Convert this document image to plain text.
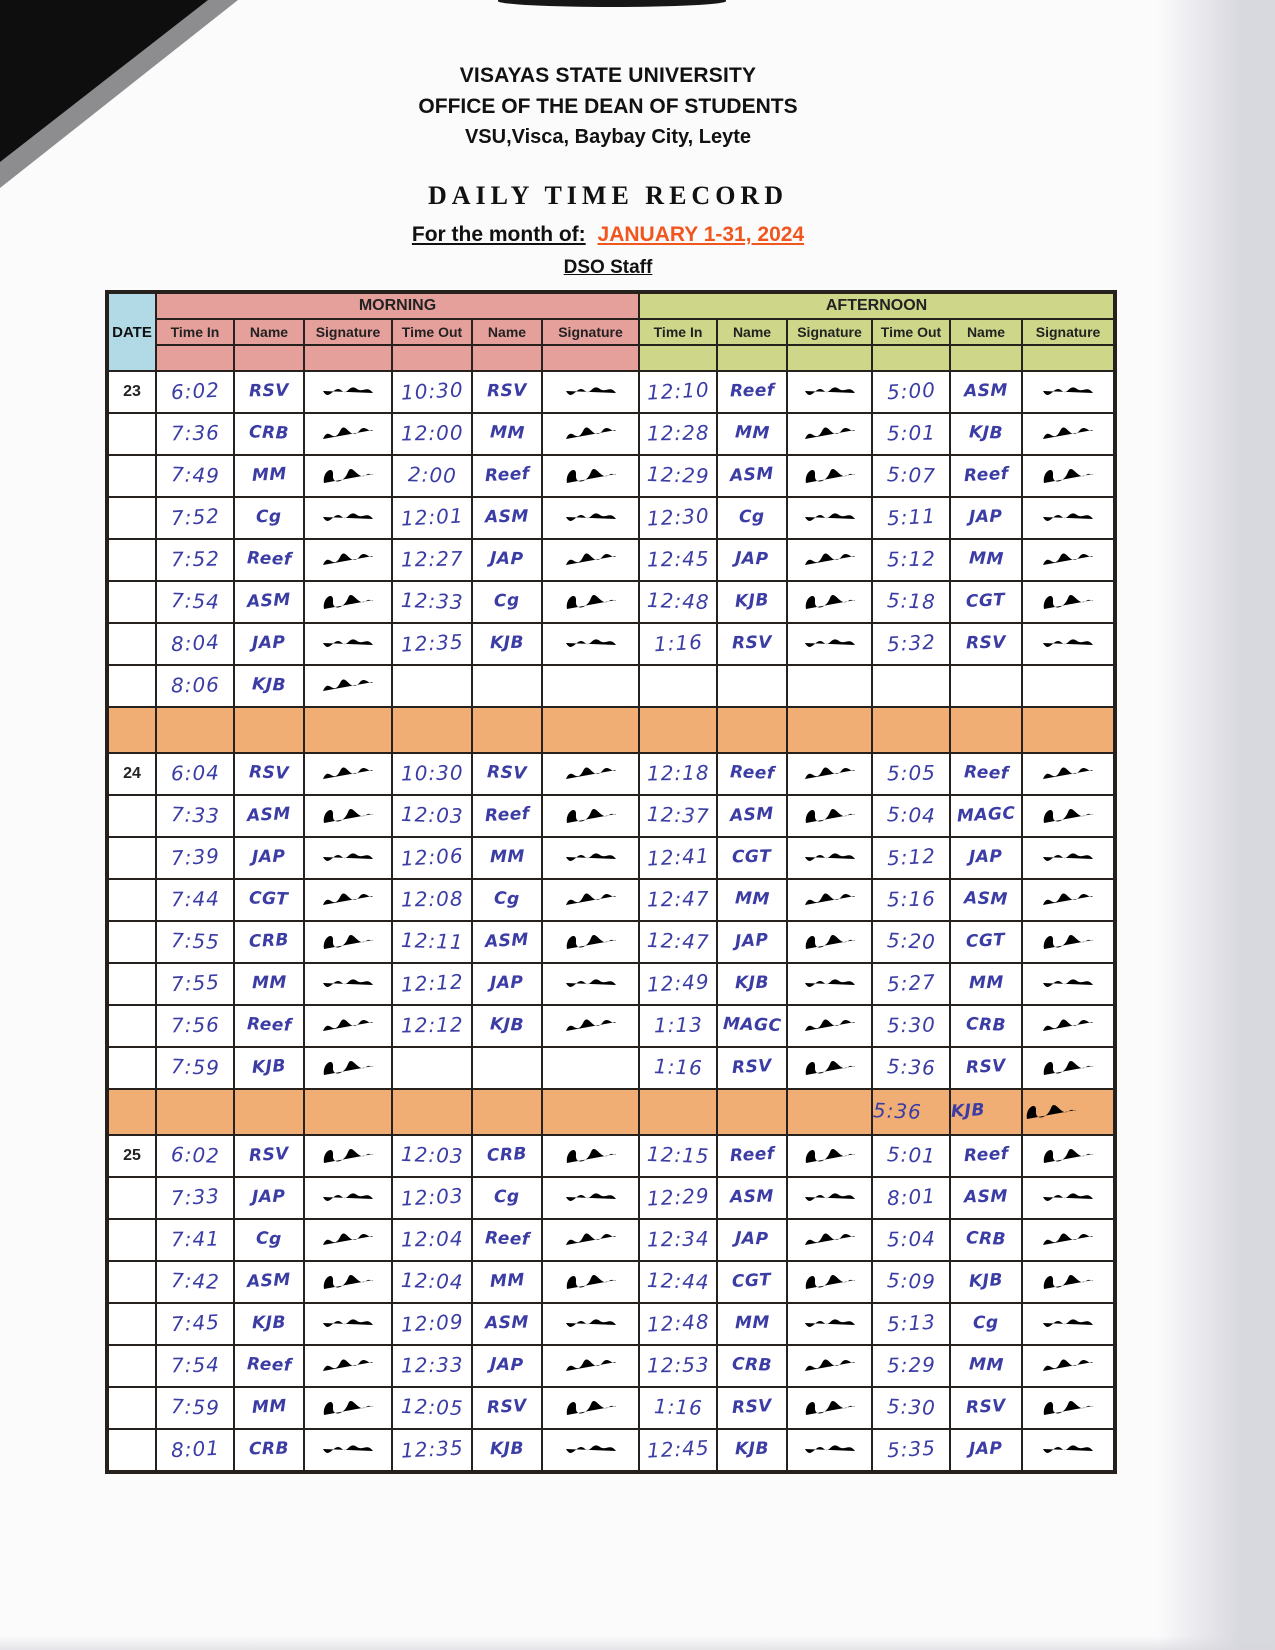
VISAYAS STATE UNIVERSITY
OFFICE OF THE DEAN OF STUDENTS
VSU,Visca, Baybay City, Leyte
DAILY TIME RECORD
For the month of: JANUARY 1-31, 2024
DSO Staff
DATE	MORNING						AFTERNOON					
	Time In	Name	Signature	Time Out	Name	Signature	Time In	Name	Signature	Time Out	Name	Signature

23	6:02	RSV		10:30	RSV		12:10	Reef		5:00	ASM	
	7:36	CRB		12:00	MM		12:28	MM		5:01	KJB	
	7:49	MM		2:00	Reef		12:29	ASM		5:07	Reef	
	7:52	Cg		12:01	ASM		12:30	Cg		5:11	JAP	
	7:52	Reef		12:27	JAP		12:45	JAP		5:12	MM	
	7:54	ASM		12:33	Cg		12:48	KJB		5:18	CGT	
	8:04	JAP		12:35	KJB		1:16	RSV		5:32	RSV	
	8:06	KJB										

24	6:04	RSV		10:30	RSV		12:18	Reef		5:05	Reef	
	7:33	ASM		12:03	Reef		12:37	ASM		5:04	MAGC	
	7:39	JAP		12:06	MM		12:41	CGT		5:12	JAP	
	7:44	CGT		12:08	Cg		12:47	MM		5:16	ASM	
	7:55	CRB		12:11	ASM		12:47	JAP		5:20	CGT	
	7:55	MM		12:12	JAP		12:49	KJB		5:27	MM	
	7:56	Reef		12:12	KJB		1:13	MAGC		5:30	CRB	
	7:59	KJB					1:16	RSV		5:36	RSV	
										5:36	KJB	
25	6:02	RSV		12:03	CRB		12:15	Reef		5:01	Reef	
	7:33	JAP		12:03	Cg		12:29	ASM		8:01	ASM	
	7:41	Cg		12:04	Reef		12:34	JAP		5:04	CRB	
	7:42	ASM		12:04	MM		12:44	CGT		5:09	KJB	
	7:45	KJB		12:09	ASM		12:48	MM		5:13	Cg	
	7:54	Reef		12:33	JAP		12:53	CRB		5:29	MM	
	7:59	MM		12:05	RSV		1:16	RSV		5:30	RSV	
	8:01	CRB		12:35	KJB		12:45	KJB		5:35	JAP	
